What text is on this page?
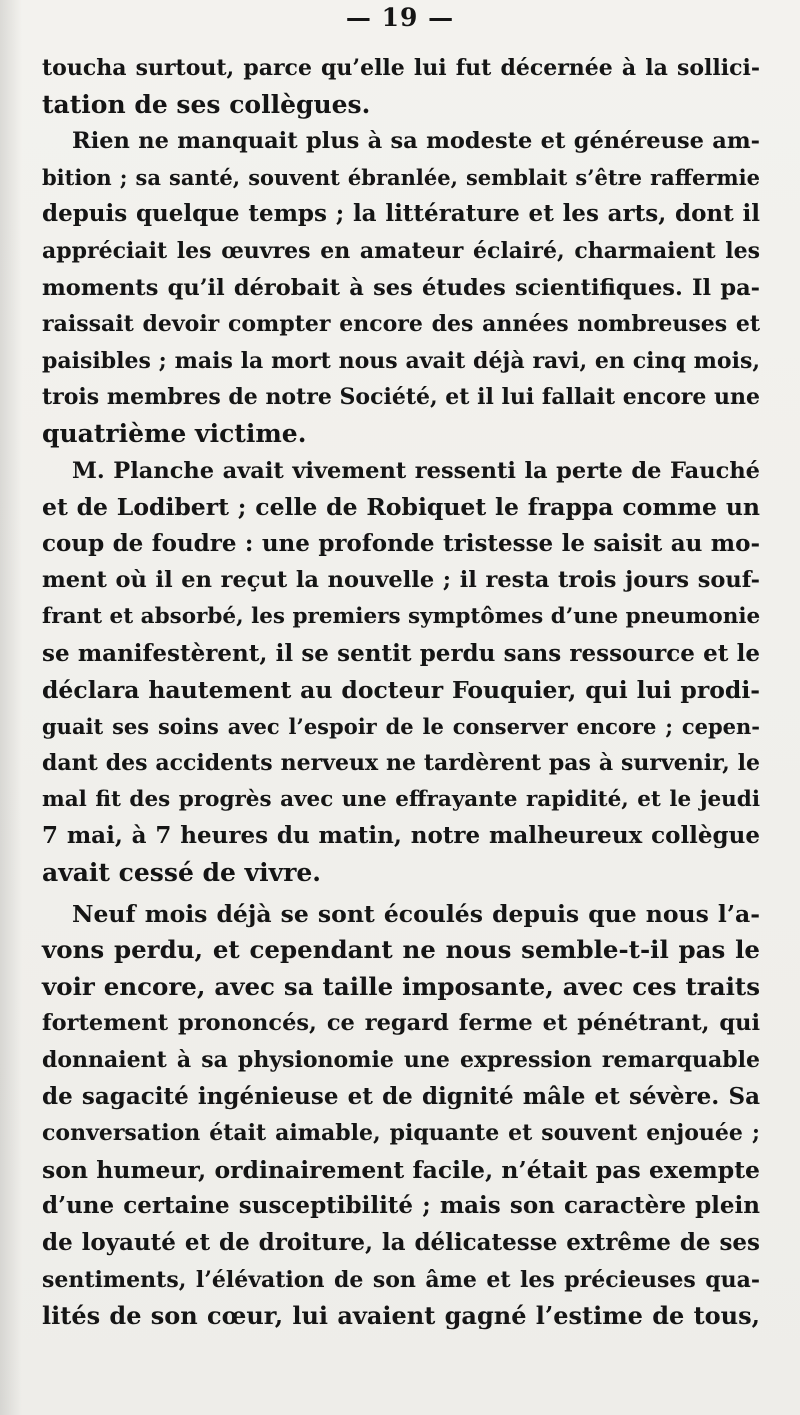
— 19 —
toucha surtout, parce qu’elle lui fut décernée à la sollici-
tation de ses collègues.
Rien ne manquait plus à sa modeste et généreuse am-
bition ; sa santé, souvent ébranlée, semblait s’être raffermie
depuis quelque temps ; la littérature et les arts, dont il
appréciait les œuvres en amateur éclairé, charmaient les
moments qu’il dérobait à ses études scientifiques. Il pa-
raissait devoir compter encore des années nombreuses et
paisibles ; mais la mort nous avait déjà ravi, en cinq mois,
trois membres de notre Société, et il lui fallait encore une
quatrième victime.
M. Planche avait vivement ressenti la perte de Fauché
et de Lodibert ; celle de Robiquet le frappa comme un
coup de foudre : une profonde tristesse le saisit au mo-
ment où il en reçut la nouvelle ; il resta trois jours souf-
frant et absorbé, les premiers symptômes d’une pneumonie
se manifestèrent, il se sentit perdu sans ressource et le
déclara hautement au docteur Fouquier, qui lui prodi-
guait ses soins avec l’espoir de le conserver encore ; cepen-
dant des accidents nerveux ne tardèrent pas à survenir, le
mal fit des progrès avec une effrayante rapidité, et le jeudi
7 mai, à 7 heures du matin, notre malheureux collègue
avait cessé de vivre.
Neuf mois déjà se sont écoulés depuis que nous l’a-
vons perdu, et cependant ne nous semble-t-il pas le
voir encore, avec sa taille imposante, avec ces traits
fortement prononcés, ce regard ferme et pénétrant, qui
donnaient à sa physionomie une expression remarquable
de sagacité ingénieuse et de dignité mâle et sévère. Sa
conversation était aimable, piquante et souvent enjouée ;
son humeur, ordinairement facile, n’était pas exempte
d’une certaine susceptibilité ; mais son caractère plein
de loyauté et de droiture, la délicatesse extrême de ses
sentiments, l’élévation de son âme et les précieuses qua-
lités de son cœur, lui avaient gagné l’estime de tous,
